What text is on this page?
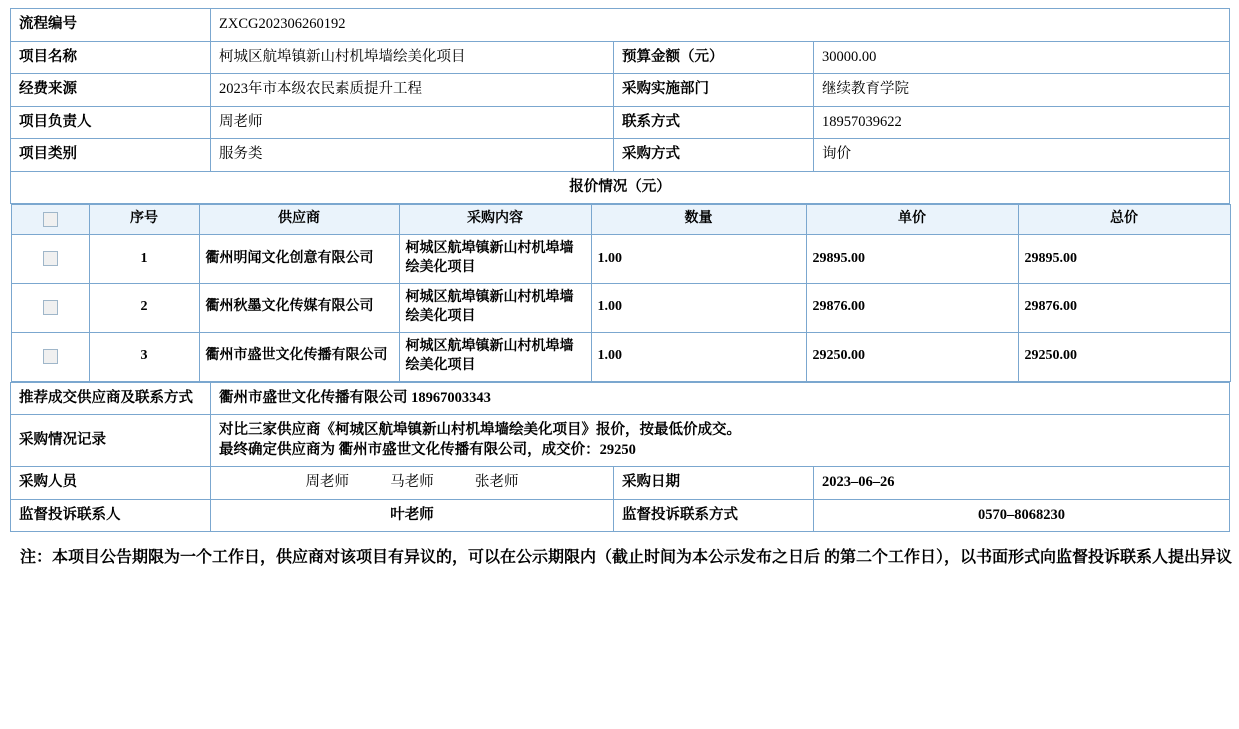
流程编号	ZXCG202306260192
项目名称	柯城区航埠镇新山村机埠墙绘美化项目	预算金额（元）	30000.00
经费来源	2023年市本级农民素质提升工程	采购实施部门	继续教育学院
项目负责人	周老师	联系方式	18957039622
项目类别	服务类	采购方式	询价
报价情况（元）

	序号	供应商	采购内容	数量	单价	总价
	1	衢州明闻文化创意有限公司	柯城区航埠镇新山村机埠墙绘美化项目	1.00	29895.00	29895.00
	2	衢州秋墨文化传媒有限公司	柯城区航埠镇新山村机埠墙绘美化项目	1.00	29876.00	29876.00
	3	衢州市盛世文化传播有限公司	柯城区航埠镇新山村机埠墙绘美化项目	1.00	29250.00	29250.00

推荐成交供应商及联系方式	衢州市盛世文化传播有限公司 18967003343
采购情况记录	
对比三家供应商《柯城区航埠镇新山村机埠墙绘美化项目》报价，按最低价成交。
最终确定供应商为 衢州市盛世文化传播有限公司，成交价：29250

采购人员	周老师	马老师	张老师	采购日期	2023–06–26
监督投诉联系人	叶老师	监督投诉联系方式	0570–8068230
注：本项目公告期限为一个工作日，供应商对该项目有异议的，可以在公示期限内（截止时间为本公示发布之日后 的第二个工作日），以书面形式向监督投诉联系人提出异议
